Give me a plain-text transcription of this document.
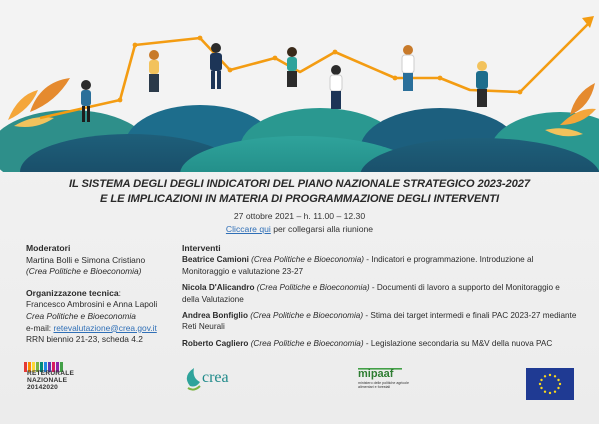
IL SISTEMA DEGLI DEGLI INDICATORI DEL PIANO NAZIONALE STRATEGICO 2023-2027
E LE IMPLICAZIONI IN MATERIA DI PROGRAMMAZIONE DEGLI INTERVENTI
27 ottobre 2021 – h. 11.00 – 12.30
Cliccare qui per collegarsi alla riunione
Moderatori
Martina Bolli e Simona Cristiano
(Crea Politiche e Bioeconomia)
Organizzazone tecnica:
Francesco Ambrosini e Anna Lapoli
Crea Politiche e Bioeconomia
e-mail: retevalutazione@crea.gov.it
RRN biennio 21-23, scheda 4.2
Interventi
Beatrice Camioni (Crea Politiche e Bioeconomia) - Indicatori e programmazione. Introduzione al Monitoraggio e valutazione 23-27
Nicola D'Alicandro (Crea Politiche e Bioeconomia) - Documenti di lavoro a supporto del Monitoraggio e della Valutazione
Andrea Bonfiglio (Crea Politiche e Bioeconomia) - Stima dei target intermedi e finali PAC 2023-27 mediante Reti Neurali
Roberto Cagliero (Crea Politiche e Bioeconomia) - Legislazione secondaria su M&V della nuova PAC
RETERURALE
NAZIONALE
20142020
crea	mipaaf
ministero delle politiche agricole alimentari e forestali
